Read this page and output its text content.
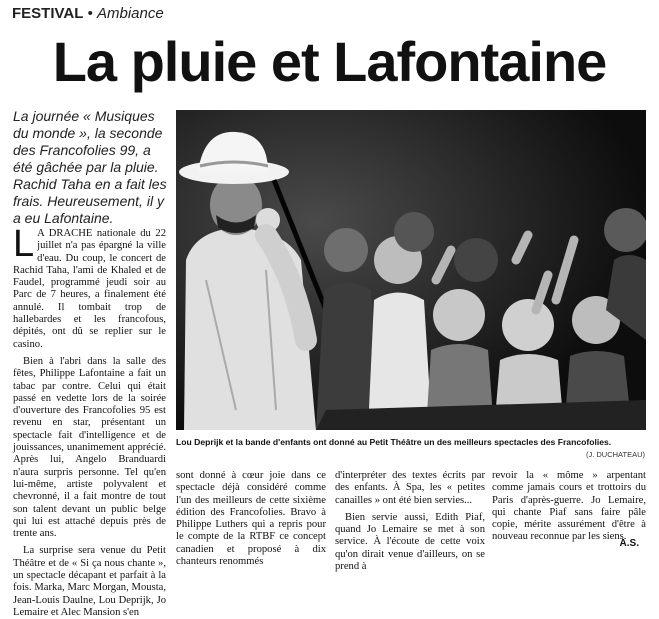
FESTIVAL • Ambiance
La pluie et Lafontaine
La journée « Musiques du monde », la seconde des Francofolies 99, a été gâchée par la pluie. Rachid Taha en a fait les frais. Heureusement, il y a eu Lafontaine.
Lou Deprijk et la bande d'enfants ont donné au Petit Théâtre un des meilleurs spectacles des Francofolies.
(J. DUCHATEAU)

L A DRACHE nationale du 22 juillet n'a pas épargné la ville d'eau. Du coup, le concert de Rachid Taha, l'ami de Khaled et de Faudel, programmé jeudi soir au Parc de 7 heures, a finalement été annulé. Il tombait trop de hallebardes et les francofous, dépités, ont dû se replier sur le casino.

Bien à l'abri dans la salle des fêtes, Philippe Lafontaine a fait un tabac par contre. Celui qui était passé en vedette lors de la soirée d'ouverture des Francofolies 95 est revenu en star, présentant un spectacle fait d'intelligence et de jouissances, unanimement apprécié. Après lui, Angelo Branduardi n'aura surpris personne. Tel qu'en lui-même, artiste polyvalent et chevronné, il a fait montre de tout son talent devant un public belge qui lui est attaché depuis près de trente ans.

La surprise sera venue du Petit Théâtre et de « Si ça nous chante », un spectacle décapant et parfait à la fois. Marka, Marc Morgan, Mousta, Jean-Louis Daulne, Lou Deprijk, Jo Lemaire et Alec Mansion s'en

sont donné à cœur joie dans ce spectacle déjà considéré comme l'un des meilleurs de cette sixième édition des Francofolies. Bravo à Philippe Luthers qui a repris pour le compte de la RTBF ce concept canadien et proposé à dix chanteurs renommés

d'interpréter des textes écrits par des enfants. À Spa, les « petites canailles » ont été bien servies...

Bien servie aussi, Edith Piaf, quand Jo Lemaire se met à son service. À l'écoute de cette voix qu'on dirait venue d'ailleurs, on se prend à

revoir la « môme » arpentant comme jamais cours et trottoirs du Paris d'après-guerre. Jo Lemaire, qui chante Piaf sans faire pâle copie, mérite assurément d'être à nouveau reconnue par les siens.

A.S.
